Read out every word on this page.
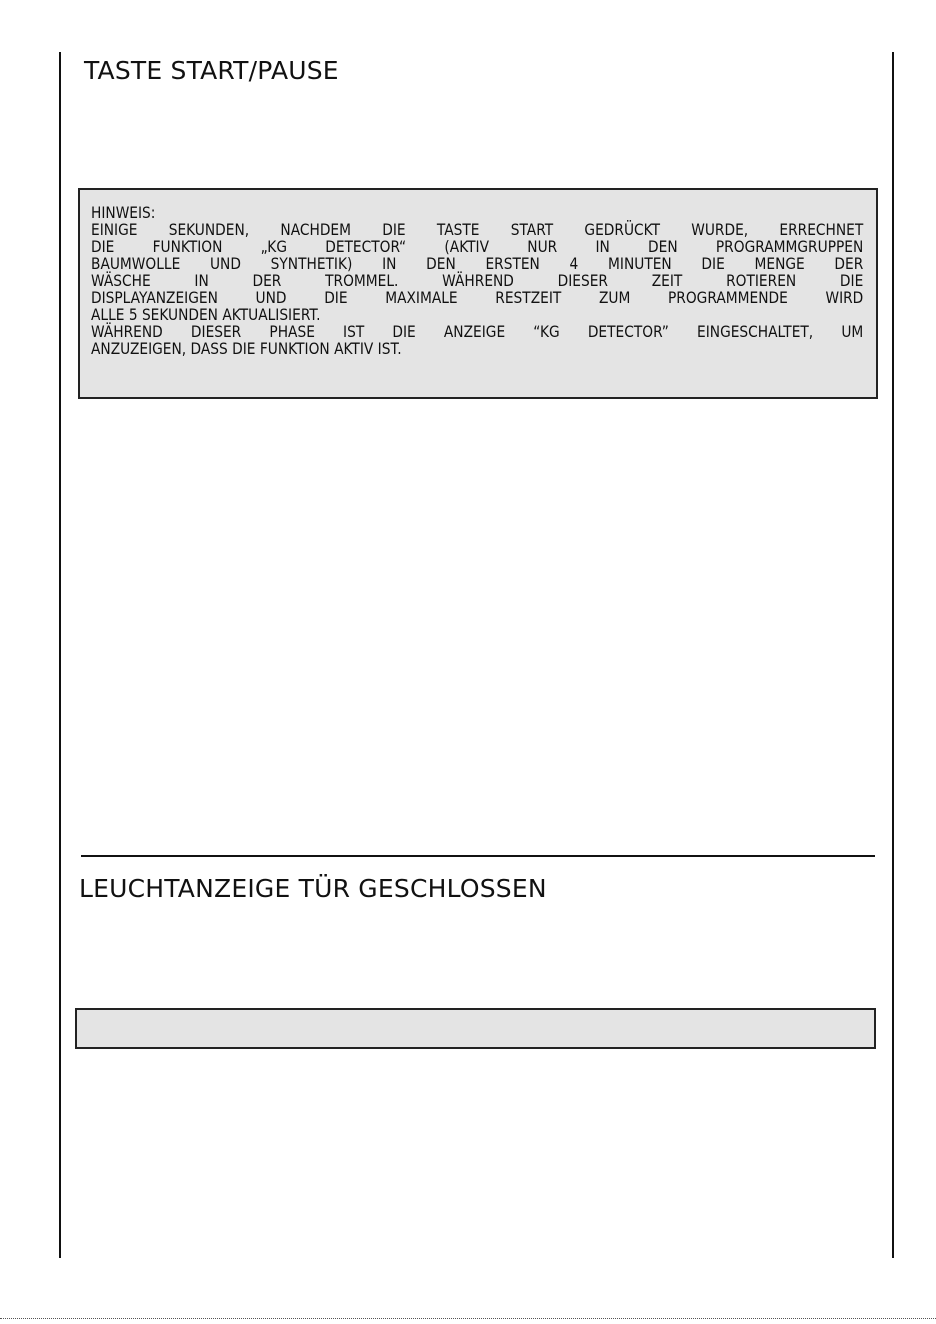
TASTE START/PAUSE
HINWEIS:
EINIGE SEKUNDEN, NACHDEM DIE TASTE START GEDRÜCKT WURDE, ERRECHNET
DIE FUNKTION „KG DETECTOR“ (AKTIV NUR IN DEN PROGRAMMGRUPPEN
BAUMWOLLE UND SYNTHETIK) IN DEN ERSTEN 4 MINUTEN DIE MENGE DER
WÄSCHE IN DER TROMMEL. WÄHREND DIESER ZEIT ROTIEREN DIE
DISPLAYANZEIGEN UND DIE MAXIMALE RESTZEIT ZUM PROGRAMMENDE WIRD
ALLE 5 SEKUNDEN AKTUALISIERT.
WÄHREND DIESER PHASE IST DIE ANZEIGE “KG DETECTOR” EINGESCHALTET, UM
ANZUZEIGEN, DASS DIE FUNKTION AKTIV IST.
LEUCHTANZEIGE TÜR GESCHLOSSEN
